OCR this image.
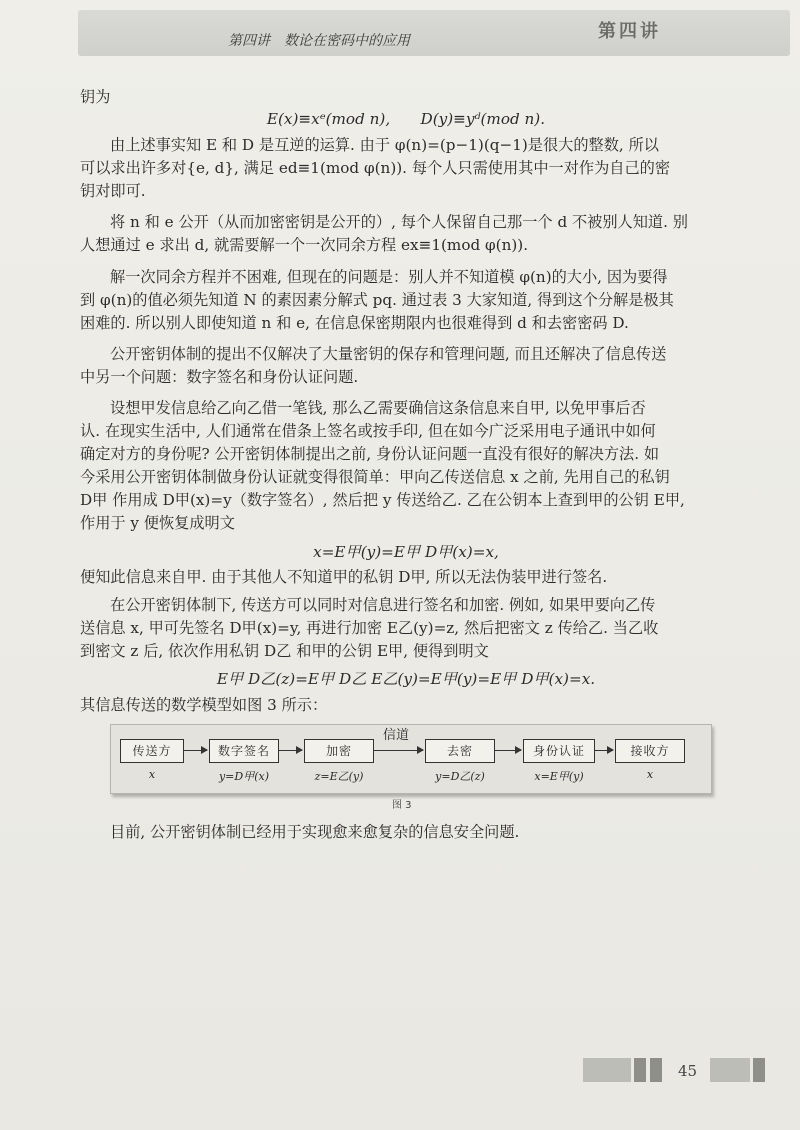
第四讲　数论在密码中的应用	第四讲

钥为

E(x)≡xᵉ(mod n),　　D(y)≡yᵈ(mod n).

由上述事实知 E 和 D 是互逆的运算. 由于 φ(n)=(p−1)(q−1)是很大的整数, 所以

可以求出许多对{e, d}, 满足 ed≡1(mod φ(n)). 每个人只需使用其中一对作为自己的密

钥对即可.

将 n 和 e 公开（从而加密密钥是公开的）, 每个人保留自己那一个 d 不被别人知道. 别

人想通过 e 求出 d, 就需要解一个一次同余方程 ex≡1(mod φ(n)).

解一次同余方程并不困难, 但现在的问题是：别人并不知道模 φ(n)的大小, 因为要得

到 φ(n)的值必须先知道 N 的素因素分解式 pq. 通过表 3 大家知道, 得到这个分解是极其

困难的. 所以别人即使知道 n 和 e, 在信息保密期限内也很难得到 d 和去密密码 D.

公开密钥体制的提出不仅解决了大量密钥的保存和管理问题, 而且还解决了信息传送

中另一个问题：数字签名和身份认证问题.

设想甲发信息给乙向乙借一笔钱, 那么乙需要确信这条信息来自甲, 以免甲事后否

认. 在现实生活中, 人们通常在借条上签名或按手印, 但在如今广泛采用电子通讯中如何

确定对方的身份呢? 公开密钥体制提出之前, 身份认证问题一直没有很好的解决方法. 如

今采用公开密钥体制做身份认证就变得很简单：甲向乙传送信息 x 之前, 先用自己的私钥

D甲 作用成 D甲(x)=y（数字签名）, 然后把 y 传送给乙. 乙在公钥本上查到甲的公钥 E甲,

作用于 y 便恢复成明文

x=E甲(y)=E甲 D甲(x)=x,

便知此信息来自甲. 由于其他人不知道甲的私钥 D甲, 所以无法伪装甲进行签名.

在公开密钥体制下, 传送方可以同时对信息进行签名和加密. 例如, 如果甲要向乙传

送信息 x, 甲可先签名 D甲(x)=y, 再进行加密 E乙(y)=z, 然后把密文 z 传给乙. 当乙收

到密文 z 后, 依次作用私钥 D乙 和甲的公钥 E甲, 便得到明文

E甲 D乙(z)=E甲 D乙 E乙(y)=E甲(y)=E甲 D甲(x)=x.

其信息传送的数学模型如图 3 所示：

信道
传送方	数字签名	加密	去密	身份认证	接收方
x	y=D甲(x)	z=E乙(y)	y=D乙(z)	x=E甲(y)	x
图 3

目前, 公开密钥体制已经用于实现愈来愈复杂的信息安全问题.

45
